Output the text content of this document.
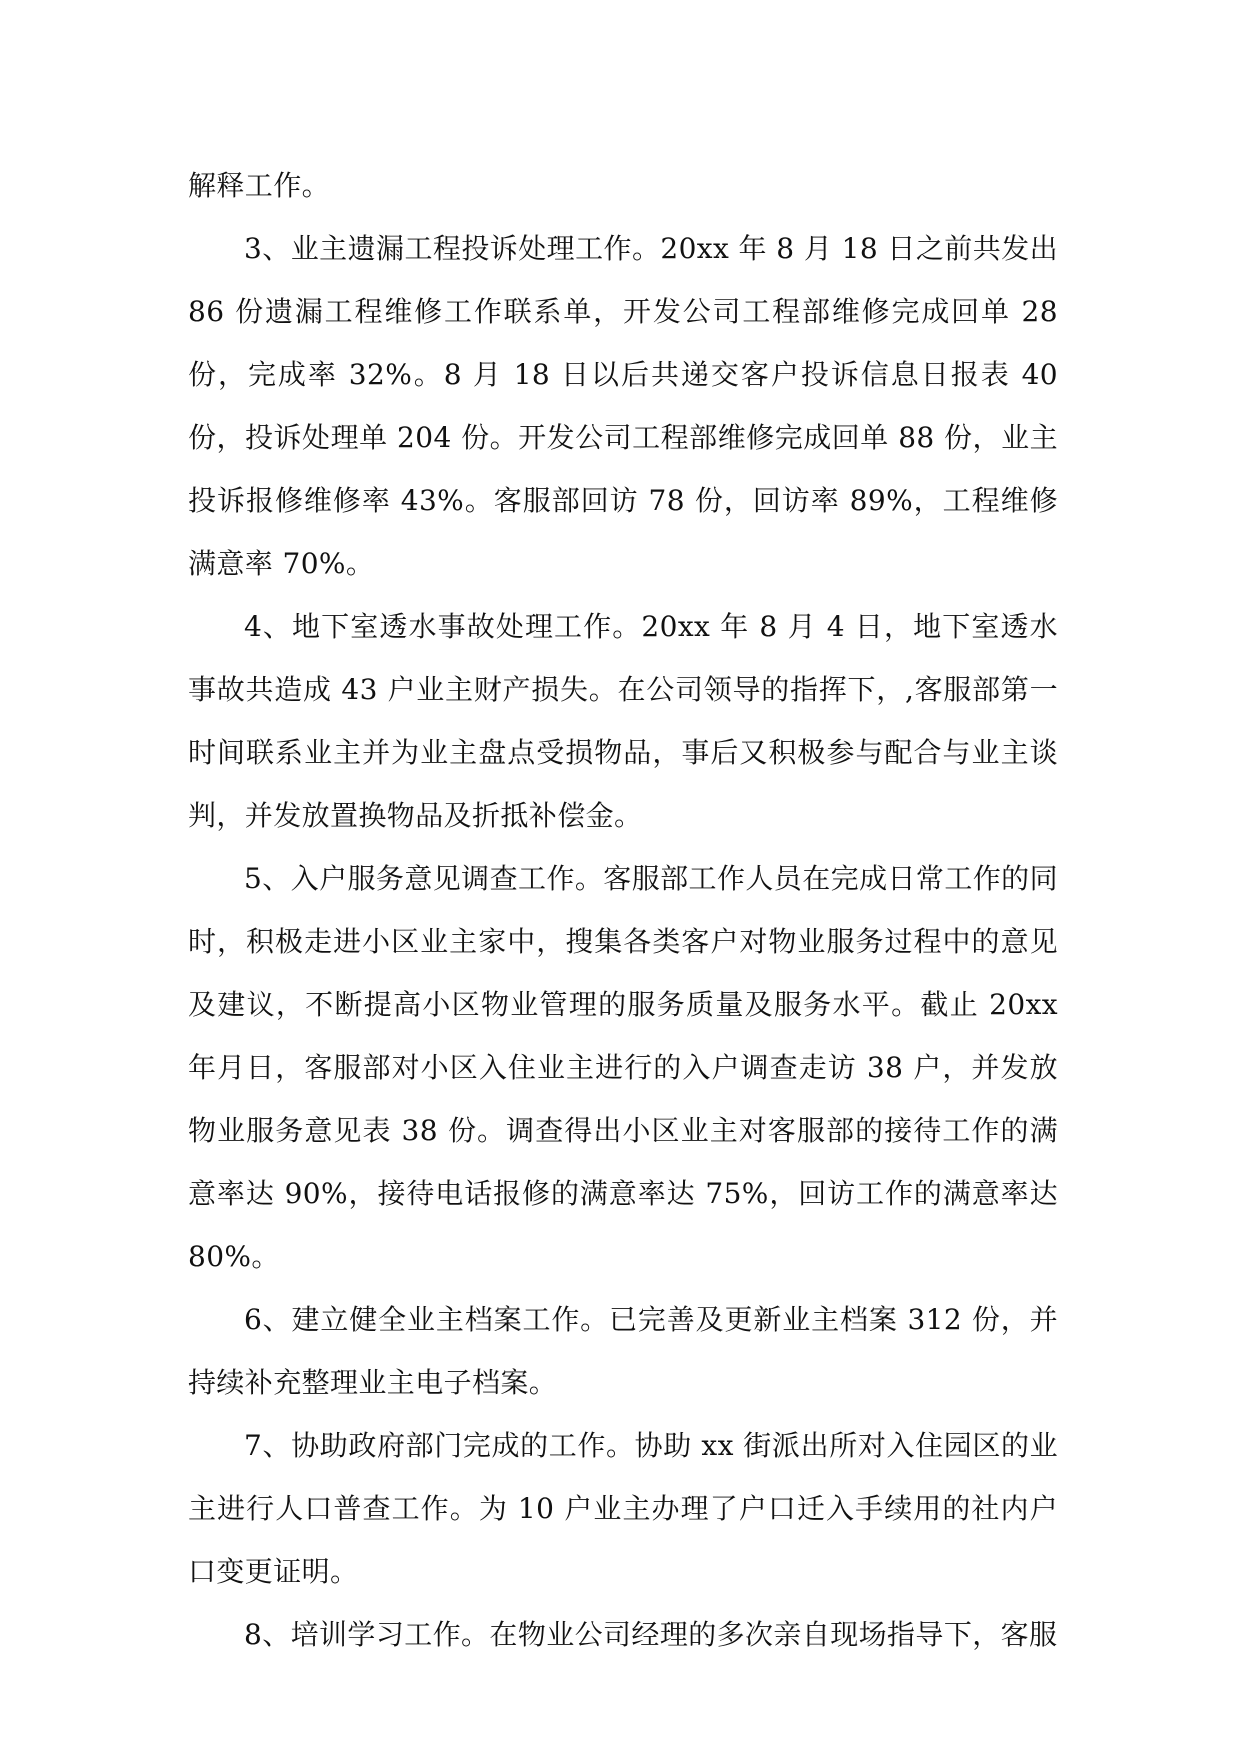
解释工作。

3、业主遗漏工程投诉处理工作。20xx 年 8 月 18 日之前共发出 86 份遗漏工程维修工作联系单，开发公司工程部维修完成回单 28 份，完成率 32%。8 月 18 日以后共递交客户投诉信息日报表 40 份，投诉处理单 204 份。开发公司工程部维修完成回单 88 份，业主投诉报修维修率 43%。客服部回访 78 份，回访率 89%，工程维修满意率 70%。

4、地下室透水事故处理工作。20xx 年 8 月 4 日，地下室透水事故共造成 43 户业主财产损失。在公司领导的指挥下，,客服部第一时间联系业主并为业主盘点受损物品，事后又积极参与配合与业主谈判，并发放置换物品及折抵补偿金。

5、入户服务意见调查工作。客服部工作人员在完成日常工作的同时，积极走进小区业主家中，搜集各类客户对物业服务过程中的意见及建议，不断提高小区物业管理的服务质量及服务水平。截止 20xx 年月日，客服部对小区入住业主进行的入户调查走访 38 户，并发放物业服务意见表 38 份。调查得出小区业主对客服部的接待工作的满意率达 90%，接待电话报修的满意率达 75%，回访工作的满意率达 80%。

6、建立健全业主档案工作。已完善及更新业主档案 312 份，并持续补充整理业主电子档案。

7、协助政府部门完成的工作。协助 xx 街派出所对入住园区的业主进行人口普查工作。为 10 户业主办理了户口迁入手续用的社内户口变更证明。

8、培训学习工作。在物业公司经理的多次亲自现场指导下，客服
